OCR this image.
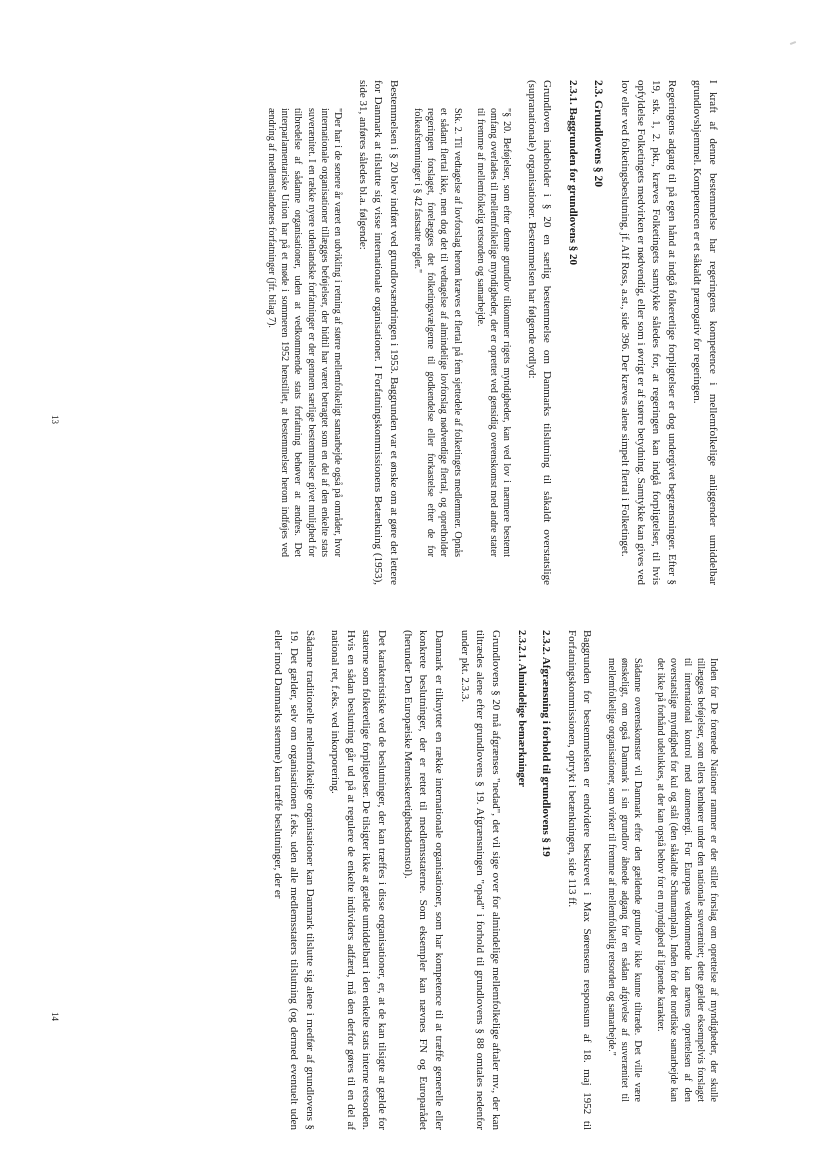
I kraft af denne bestemmelse har regeringens kompetence i mellemfolkelige anliggender umiddelbar grundlovshjemmel. Kompetencen er et såkaldt prærogativ for regeringen.

Regeringens adgang til på egen hånd at indgå folkeretlige forpligtelser er dog undergivet begrænsninger. Efter § 19, stk. 1, 2. pkt., kræves Folketingets samtykke således for, at regeringen kan indgå forpligtelser, til hvis opfyldelse Folketingets medvirken er nødvendig, eller som i øvrigt er af større betydning. Samtykke kan gives ved lov eller ved folketingsbeslutning, jf. Alf Ross, a.st., side 396. Der kræves alene simpelt flertal i Folketinget.

2.3. Grundlovens § 20
2.3.1. Baggrunden for grundlovens § 20

Grundloven indeholder i § 20 en særlig bestemmelse om Danmarks tilslutning til såkaldt overstatslige (supranationale) organisationer. Bestemmelsen har følgende ordlyd:

"§ 20. Beføjelser, som efter denne grundlov tilkommer rigets myndigheder, kan ved lov i nærmere bestemt omfang overlades til mellemfolkelige myndigheder, der er oprettet ved gensidig overenskomst med andre stater til fremme af mellemfolkelig retsorden og samarbejde.

Stk. 2. Til vedtagelse af lovforslag herom kræves et flertal på fem sjettedele af folketingets medlemmer. Opnås et sådant flertal ikke, men dog det til vedtagelse af almindelige lovforslag nødvendige flertal, og opretholder regeringen forslaget, forelægges det folketingsvælgerne til godkendelse eller forkastelse efter de for folkeafstemninger i § 42 fastsatte regler."

Bestemmelsen i § 20 blev indført ved grundlovsændringen i 1953. Baggrunden var et ønske om at gøre det lettere for Danmark at tilslutte sig visse internationale organisationer. I Forfatningskommissionens Betænkning (1953), side 31, anføres således bl.a. følgende:

"Der har i de senere år været en udvikling i retning af større mellemfolkeligt samarbejde også på områder, hvor internationale organisationer tillægges beføjelser, der hidtil har været betragtet som en del af den enkelte stats suverænitet. I en række nyere udenlandske forfatninger er der gennem særlige bestemmelser givet mulighed for tilbredelse af sådanne organisationer, uden at vedkommende stats forfatning behøver at ændres. Det interparlamentariske Union har på et møde i sommeren 1952 henstillet, at bestemmelser herom indføjes ved ændring af medlemslandenes forfatninger (jfr. bilag 7).

13

Inden for De forenede Nationer rammer er der stillet forslag om oprettelse af myndigheder, der skulle tillægges beføjelser, som ellers henhører under den nationale suverænitet; dette gælder eksempelvis forslaget til international kontrol med atomenergi. For Europas vedkommende kan nævnes oprettelsen af den overstatslige myndighed for kul og stål (den såkaldte Schumanplan). Inden for det nordiske samarbejde kan det ikke på forhånd udelukkes, at der kan opstå behov for en myndighed af lignende karakter.

Sådanne overenskomster vil Danmark efter den gældende grundlov ikke kunne tiltræde. Det ville være ønskeligt, om også Danmark i sin grundlov åbnede adgang for en sådan afgivelse af suverænitet til mellemfolkelige organisationer, som virker til fremme af mellemfolkelig retsorden og samarbejde."

Baggrunden for bestemmelsen er endvidere beskrevet i Max Sørensens responsum af 18. maj 1952 til Forfatningskommissionen, optrykt i betænkningen, side 113 ff.

2.3.2. Afgrænsning i forhold til grundlovens § 19
2.3.2.1. Almindelige bemærkninger

Grundlovens § 20 må afgrænses "nedad", det vil sige over for almindelige mellemfolkelige aftaler mv., der kan tiltrædes alene efter grundlovens § 19. Afgrænsningen "opad" i forhold til grundlovens § 88 omtales nedenfor under pkt. 2.3.3.

Danmark er tilknyttet en række internationale organisationer, som har kompetence til at træffe generelle eller konkrete beslutninger, der er rettet til medlemsstaterne. Som eksempler kan nævnes FN og Europarådet (herunder Den Europæiske Menneskeretighedsdomstol).

Det karakteristiske ved de beslutninger, der kan træffes i disse organisationer, er, at de kan tilsigte at gælde for staterne som folkeretlige forpligtelser. De tilsigter ikke at gælde umiddelbart i den enkelte stats interne retsorden. Hvis en sådan beslutning går ud på at regulere de enkelte individers adfærd, må den derfor gøres til en del af national ret, f.eks. ved inkorporering.

Sådanne traditionelle mellemfolkelige organisationer kan Danmark tilslutte sig alene i medfør af grundlovens § 19. Det gælder, selv om organisationen f.eks. uden alle medlemsstaters tilslutning (og dermed eventuelt uden eller imod Danmarks stemme) kan træffe beslutninger, der er

14
